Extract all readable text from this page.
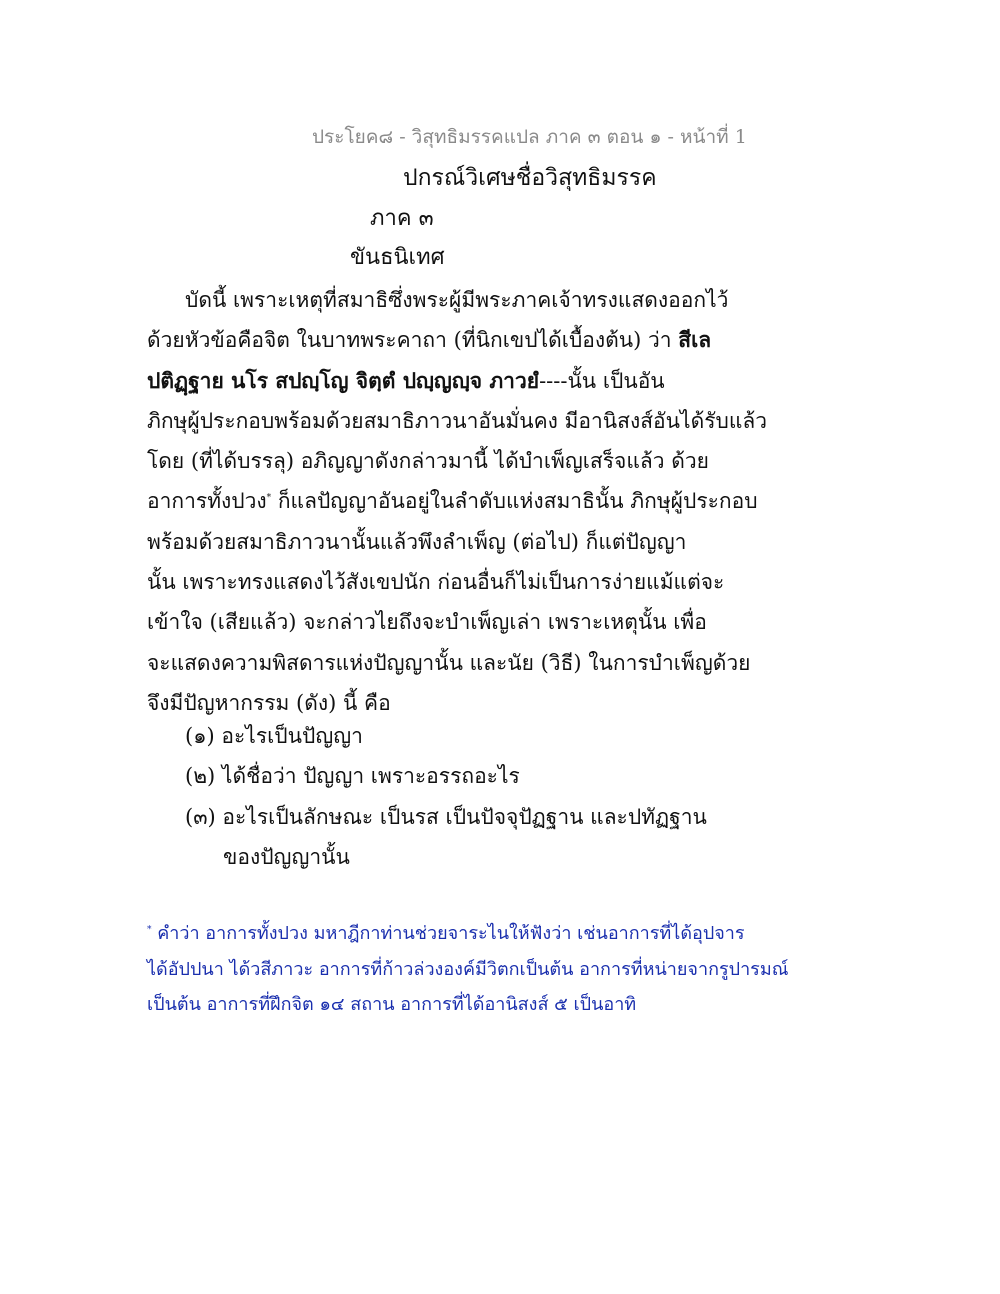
ประโยค๘ - วิสุทธิมรรคแปล ภาค ๓ ตอน ๑ - หน้าที่ 1
ปกรณ์วิเศษชื่อวิสุทธิมรรค
ภาค ๓
ขันธนิเทศ
บัดนี้ เพราะเหตุที่สมาธิซึ่งพระผู้มีพระภาคเจ้าทรงแสดงออกไว้
ด้วยหัวข้อคือจิต ในบาทพระคาถา (ที่นิกเขปได้เบื้องต้น) ว่า สีเล
ปติฏฺฐาย นโร สปญฺโญ จิตฺตํ ปญฺญญฺจ ภาวยํ----นั้น เป็นอัน
ภิกษุผู้ประกอบพร้อมด้วยสมาธิภาวนาอันมั่นคง มีอานิสงส์อันได้รับแล้ว
โดย (ที่ได้บรรลุ) อภิญญาดังกล่าวมานี้ ได้บำเพ็ญเสร็จแล้ว ด้วย
อาการทั้งปวง* ก็แลปัญญาอันอยู่ในลำดับแห่งสมาธินั้น ภิกษุผู้ประกอบ
พร้อมด้วยสมาธิภาวนานั้นแล้วพึงลำเพ็ญ (ต่อไป) ก็แต่ปัญญา
นั้น เพราะทรงแสดงไว้สังเขปนัก ก่อนอื่นก็ไม่เป็นการง่ายแม้แต่จะ
เข้าใจ (เสียแล้ว) จะกล่าวไยถึงจะบำเพ็ญเล่า เพราะเหตุนั้น เพื่อ
จะแสดงความพิสดารแห่งปัญญานั้น และนัย (วิธี) ในการบำเพ็ญด้วย
จึงมีปัญหากรรม (ดัง) นี้ คือ
(๑) อะไรเป็นปัญญา
(๒) ได้ชื่อว่า ปัญญา เพราะอรรถอะไร
(๓) อะไรเป็นลักษณะ เป็นรส เป็นปัจจุปัฏฐาน และปทัฏฐาน
ของปัญญานั้น
* คำว่า อาการทั้งปวง มหาฎีกาท่านช่วยจาระไนให้ฟังว่า เช่นอาการที่ได้อุปจาร
ได้อัปปนา ได้วสีภาวะ อาการที่ก้าวล่วงองค์มีวิตกเป็นต้น อาการที่หน่ายจากรูปารมณ์
เป็นต้น อาการที่ฝึกจิต ๑๔ สถาน อาการที่ได้อานิสงส์ ๕ เป็นอาทิ
